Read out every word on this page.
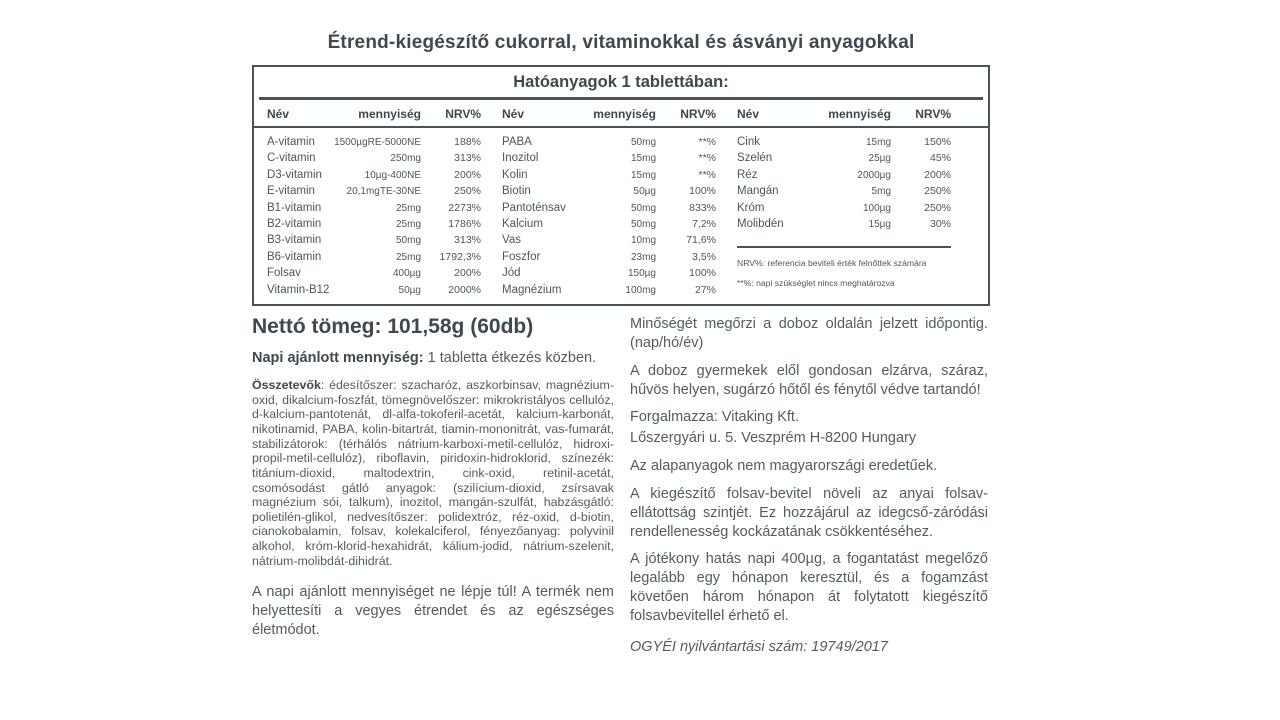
Étrend-kiegészítő cukorral, vitaminokkal és ásványi anyagokkal
Hatóanyagok 1 tablettában:
Név	mennyiség	NRV% Név	mennyiség	NRV% Név	mennyiség	NRV%
A-vitamin	1500µgRE-5000NE	188%
C-vitamin	250mg	313%
D3-vitamin	10µg-400NE	200%
E-vitamin	20,1mgTE-30NE	250%
B1-vitamin	25mg	2273%
B2-vitamin	25mg	1786%
B3-vitamin	50mg	313%
B6-vitamin	25mg	1792,3%
Folsav	400µg	200%
Vitamin-B12	50µg	2000%
PABA	50mg	**%
Inozitol	15mg	**%
Kolin	15mg	**%
Biotin	50µg	100%
Pantoténsav	50mg	833%
Kalcium	50mg	7,2%
Vas	10mg	71,6%
Foszfor	23mg	3,5%
Jód	150µg	100%
Magnézium	100mg	27%
Cink	15mg	150%
Szelén	25µg	45%
Réz	2000µg	200%
Mangán	5mg	250%
Króm	100µg	250%
Molibdén	15µg	30%
NRV%: referencia beviteli érték felnőttek számára
**%: napi szükséglet nincs meghatározva
Nettó tömeg: 101,58g (60db)

Napi ajánlott mennyiség: 1 tabletta étkezés közben.

Összetevők: édesítőszer: szacharóz, aszkorbinsav, magnézium-oxid, dikalcium-foszfát, tömegnövelőszer: mikrokristályos cellulóz, d-kalcium-pantotenát, dl-alfa-tokoferil-acetát, kalcium-karbonát, nikotinamid, PABA, kolin-bitartrát, tiamin-mononitrát, vas-fumarát, stabilizátorok: (térhálós nátrium-karboxi-metil-cellulóz, hidroxi-propil-metil-cellulóz), riboflavin, piridoxin-hidroklorid, színezék: titánium-dioxid, maltodextrin, cink-oxid, retinil-acetát, csomósodást gátló anyagok: (szilícium-dioxid, zsírsavak magnézium sói, talkum), inozitol, mangán-szulfát, habzásgátló: polietilén-glikol, nedvesítőszer: polidextróz, réz-oxid, d-biotin, cianokobalamin, folsav, kolekalciferol, fényezőanyag: polyvinil alkohol, króm-klorid-hexahidrát, kálium-jodid, nátrium-szelenit, nátrium-molibdát-dihidrát.

A napi ajánlott mennyiséget ne lépje túl! A termék nem helyettesíti a vegyes étrendet és az egészséges életmódot.

Minőségét megőrzi a doboz oldalán jelzett időpontig. (nap/hó/év)

A doboz gyermekek elől gondosan elzárva, száraz, hűvös helyen, sugárzó hőtől és fénytől védve tartandó!

Forgalmazza: Vitaking Kft.

Lőszergyári u. 5. Veszprém H-8200 Hungary

Az alapanyagok nem magyarországi eredetűek.

A kiegészítő folsav-bevitel növeli az anyai folsav-ellátottság szintjét. Ez hozzájárul az idegcső-záródási rendellenesség kockázatának csökkentéséhez.

A jótékony hatás napi 400µg, a fogantatást megelőző legalább egy hónapon keresztül, és a fogamzást követően három hónapon át folytatott kiegészítő folsavbevitellel érhető el.

OGYÉI nyilvántartási szám: 19749/2017
